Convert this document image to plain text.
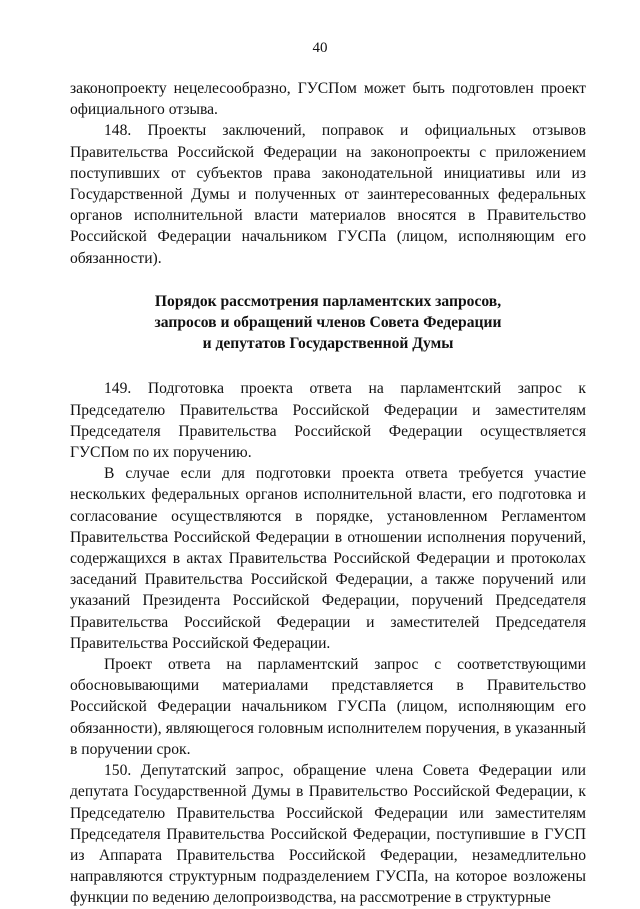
40

законопроекту нецелесообразно, ГУСПом может быть подготовлен проект официального отзыва.

148. Проекты заключений, поправок и официальных отзывов Правительства Российской Федерации на законопроекты с приложением поступивших от субъектов права законодательной инициативы или из Государственной Думы и полученных от заинтересованных федеральных органов исполнительной власти материалов вносятся в Правительство Российской Федерации начальником ГУСПа (лицом, исполняющим его обязанности).

Порядок рассмотрения парламентских запросов,
запросов и обращений членов Совета Федерации
и депутатов Государственной Думы

149. Подготовка проекта ответа на парламентский запрос к Председателю Правительства Российской Федерации и заместителям Председателя Правительства Российской Федерации осуществляется ГУСПом по их поручению.

В случае если для подготовки проекта ответа требуется участие нескольких федеральных органов исполнительной власти, его подготовка и согласование осуществляются в порядке, установленном Регламентом Правительства Российской Федерации в отношении исполнения поручений, содержащихся в актах Правительства Российской Федерации и протоколах заседаний Правительства Российской Федерации, а также поручений или указаний Президента Российской Федерации, поручений Председателя Правительства Российской Федерации и заместителей Председателя Правительства Российской Федерации.

Проект ответа на парламентский запрос с соответствующими обосновывающими материалами представляется в Правительство Российской Федерации начальником ГУСПа (лицом, исполняющим его обязанности), являющегося головным исполнителем поручения, в указанный в поручении срок.

150. Депутатский запрос, обращение члена Совета Федерации или депутата Государственной Думы в Правительство Российской Федерации, к Председателю Правительства Российской Федерации или заместителям Председателя Правительства Российской Федерации, поступившие в ГУСП из Аппарата Правительства Российской Федерации, незамедлительно направляются структурным подразделением ГУСПа, на которое возложены функции по ведению делопроизводства, на рассмотрение в структурные
